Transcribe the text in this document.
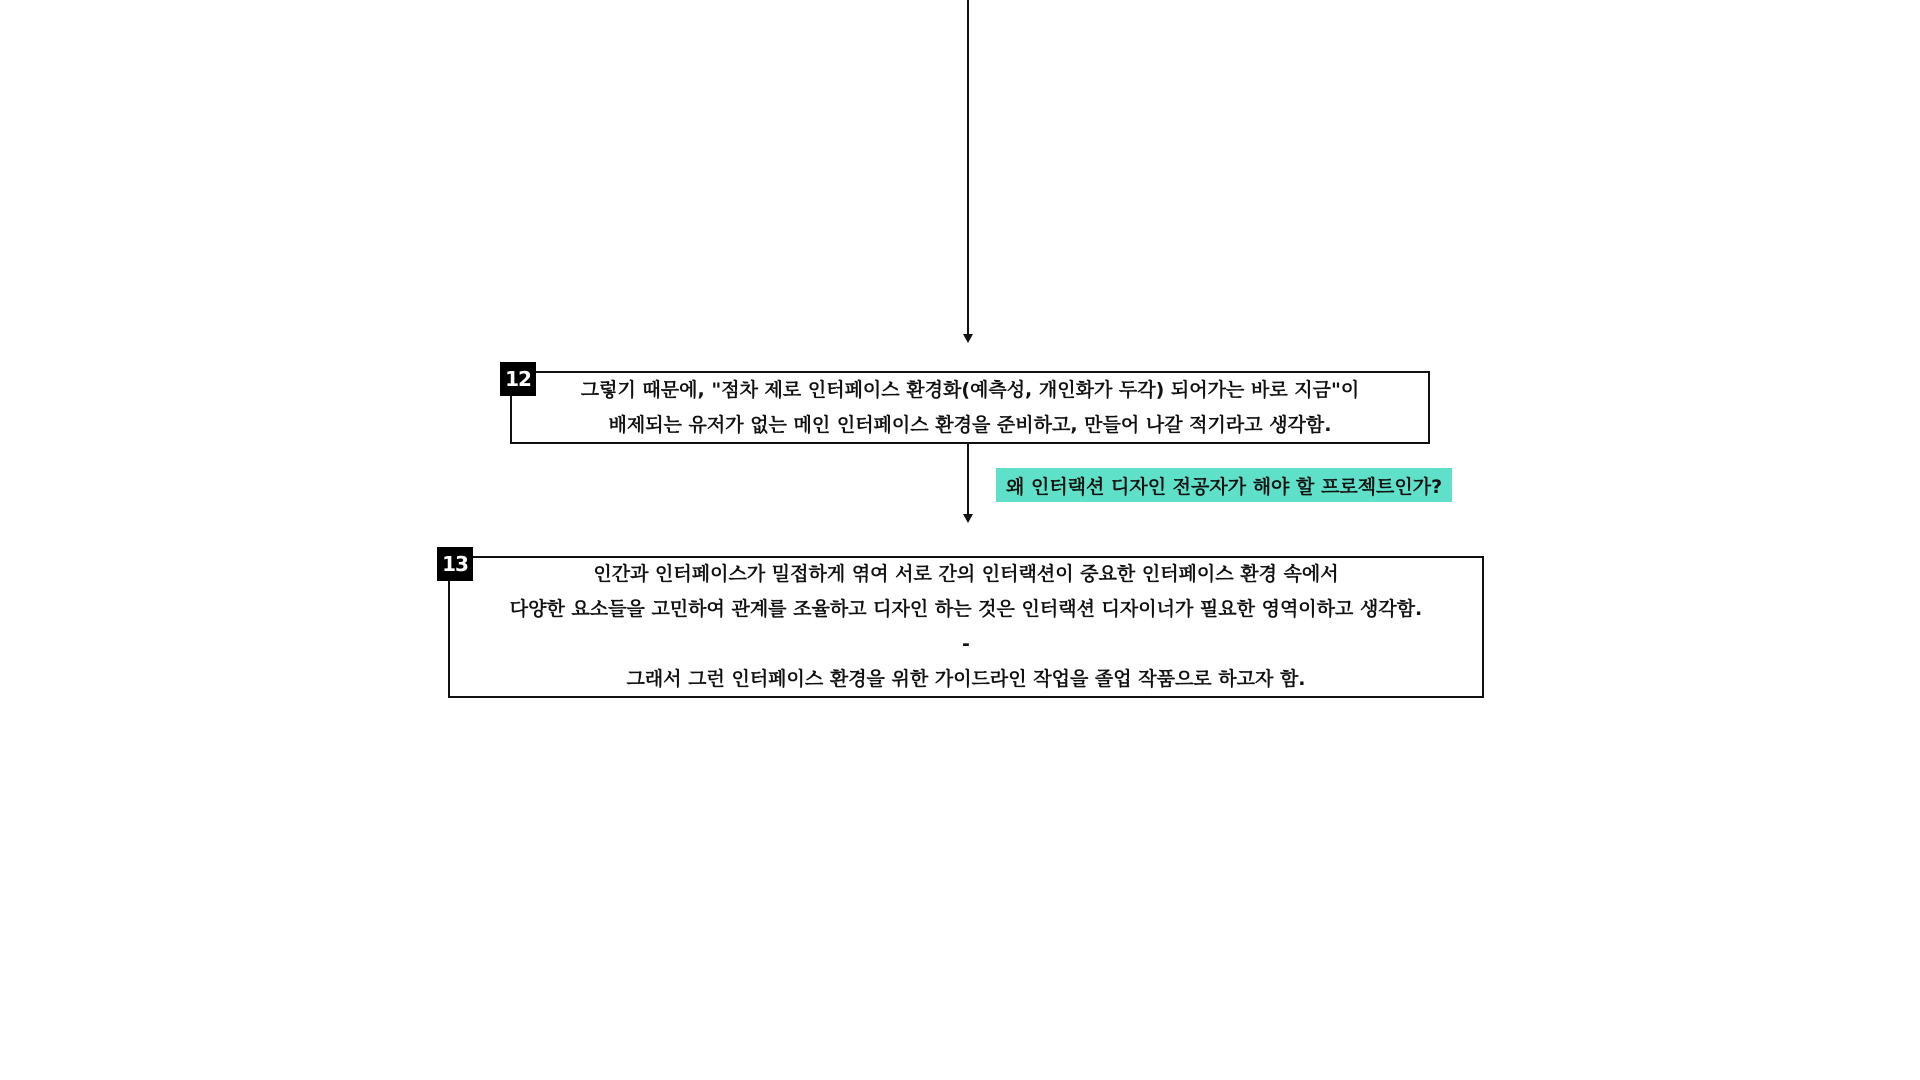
그렇기 때문에, "점차 제로 인터페이스 환경화(예측성, 개인화가 두각) 되어가는 바로 지금"이
배제되는 유저가 없는 메인 인터페이스 환경을 준비하고, 만들어 나갈 적기라고 생각함.
12
왜 인터랙션 디자인 전공자가 해야 할 프로젝트인가?
인간과 인터페이스가 밀접하게 엮여 서로 간의 인터랙션이 중요한 인터페이스 환경 속에서
다양한 요소들을 고민하여 관계를 조율하고 디자인 하는 것은 인터랙션 디자이너가 필요한 영역이하고 생각함.
-
그래서 그런 인터페이스 환경을 위한 가이드라인 작업을 졸업 작품으로 하고자 함.
13
